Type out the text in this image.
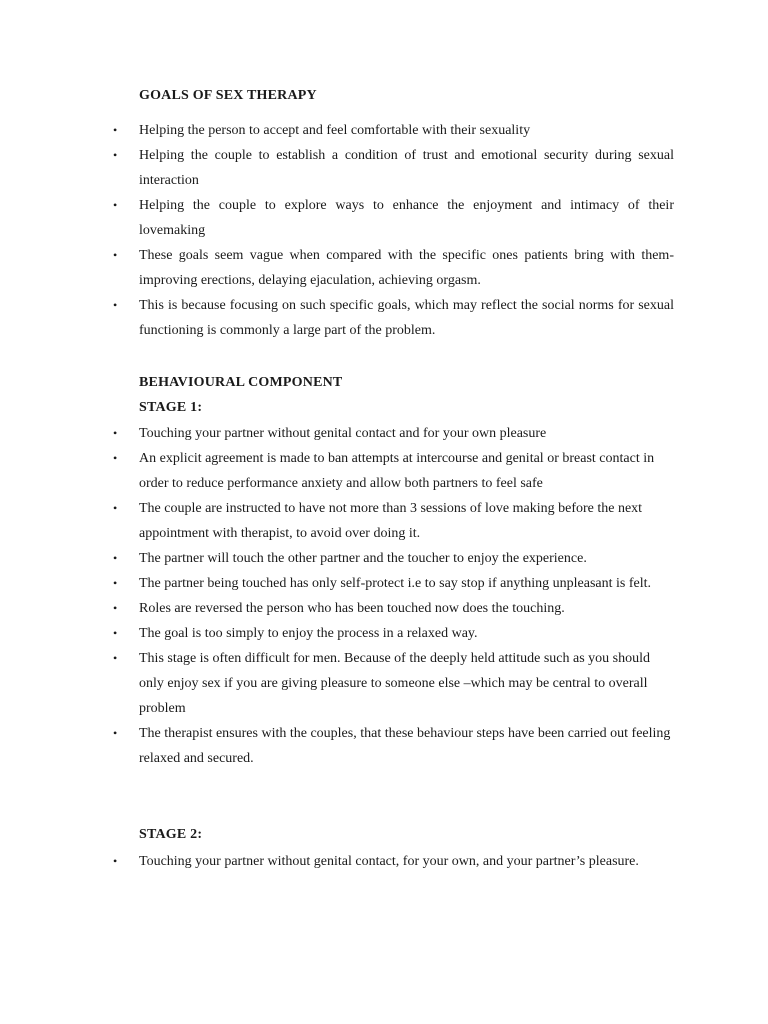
GOALS OF SEX THERAPY
• Helping the person to accept and feel comfortable with their sexuality
• Helping the couple to establish a condition of trust and emotional security during sexual interaction
• Helping the couple to explore ways to enhance the enjoyment and intimacy of their lovemaking
• These goals seem vague when compared with the specific ones patients bring with them-improving erections, delaying ejaculation, achieving orgasm.
• This is because focusing on such specific goals, which may reflect the social norms for sexual functioning is commonly a large part of the problem.
BEHAVIOURAL COMPONENT
STAGE 1:
• Touching your partner without genital contact and for your own pleasure
• An explicit agreement is made to ban attempts at intercourse and genital or breast contact in order to reduce performance anxiety and allow both partners to feel safe
• The couple are instructed to have not more than 3 sessions of love making before the next appointment with therapist, to avoid over doing it.
• The partner will touch the other partner and the toucher to enjoy the experience.
• The partner being touched has only self-protect i.e to say stop if anything unpleasant is felt.
• Roles are reversed the person who has been touched now does the touching.
• The goal is too simply to enjoy the process in a relaxed way.
• This stage is often difficult for men. Because of the deeply held attitude such as you should only enjoy sex if you are giving pleasure to someone else –which may be central to overall problem
• The therapist ensures with the couples, that these behaviour steps have been carried out feeling relaxed and secured.
STAGE 2:
• Touching your partner without genital contact, for your own, and your partner’s pleasure.
